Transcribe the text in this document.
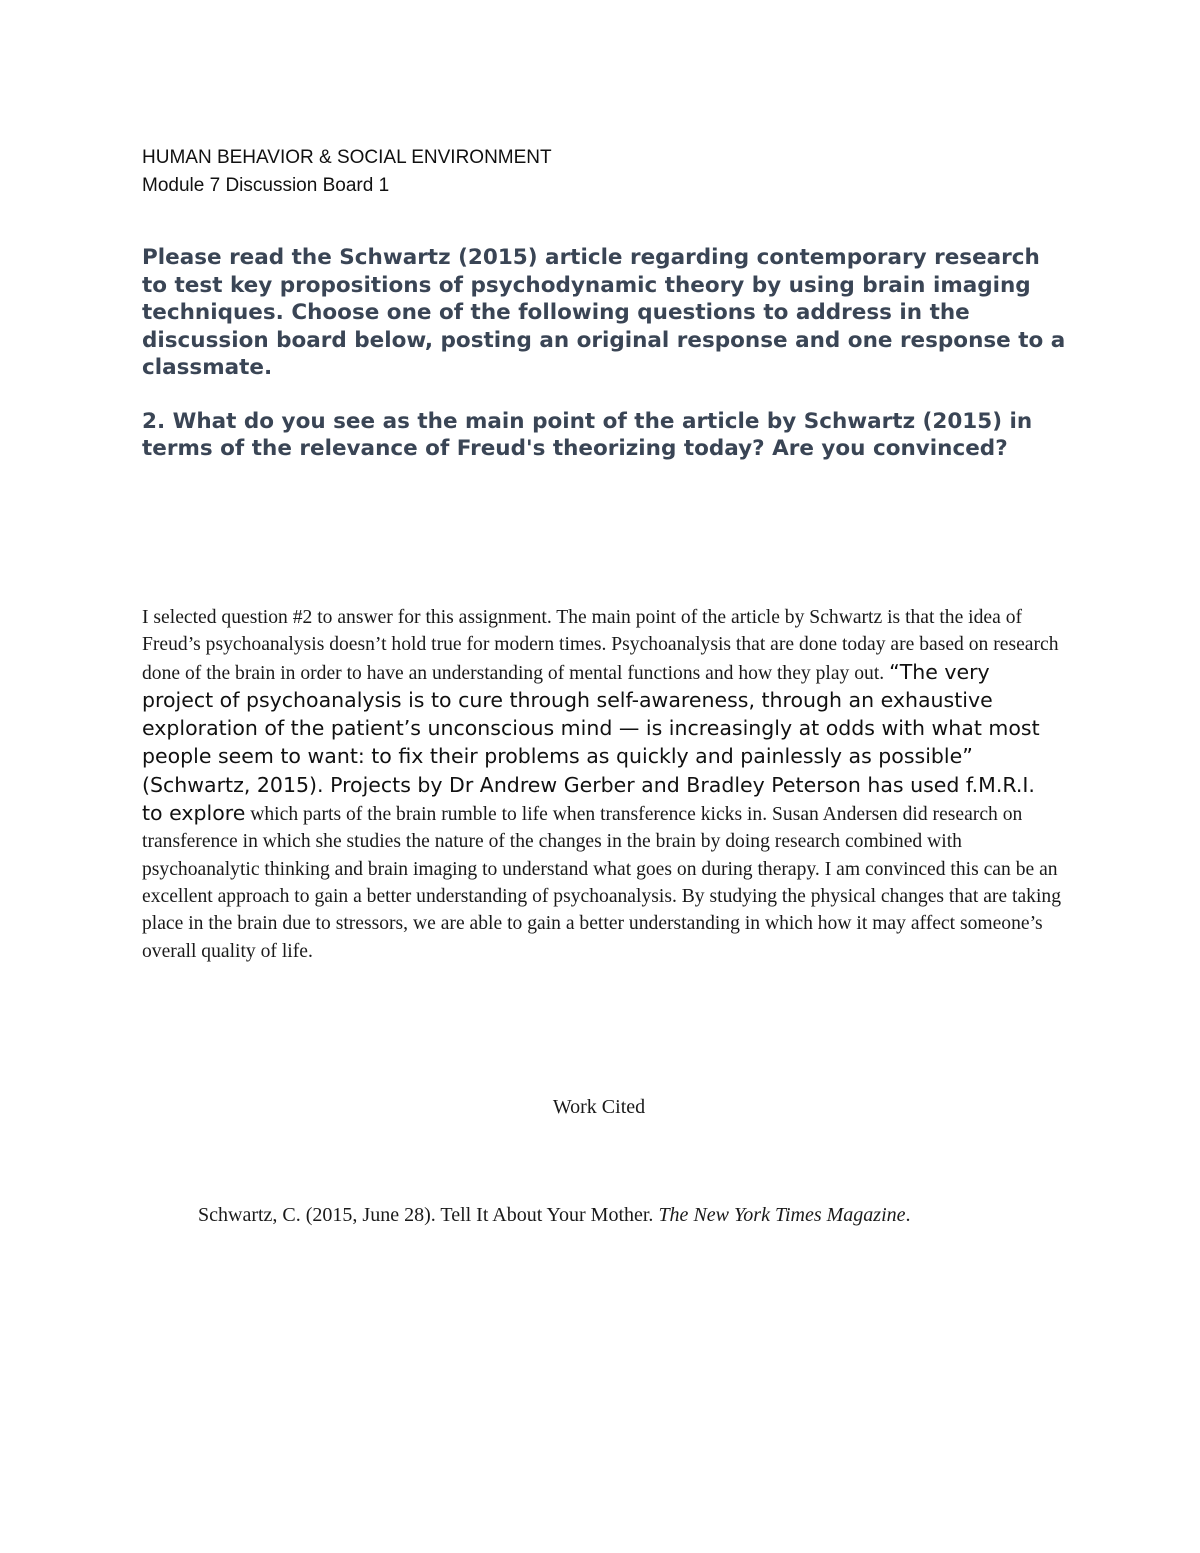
HUMAN BEHAVIOR & SOCIAL ENVIRONMENT
Module 7 Discussion Board 1

Please read the Schwartz (2015) article regarding contemporary research to test key propositions of psychodynamic theory by using brain imaging techniques. Choose one of the following questions to address in the discussion board below, posting an original response and one response to a classmate.

2. What do you see as the main point of the article by Schwartz (2015) in terms of the relevance of Freud's theorizing today? Are you convinced?

I selected question #2 to answer for this assignment. The main point of the article by Schwartz is that the idea of Freud’s psychoanalysis doesn’t hold true for modern times. Psychoanalysis that are done today are based on research done of the brain in order to have an understanding of mental functions and how they play out. “The very project of psychoanalysis is to cure through self-awareness, through an exhaustive exploration of the patient’s unconscious mind — is increasingly at odds with what most people seem to want: to fix their problems as quickly and painlessly as possible” (Schwartz, 2015). Projects by Dr Andrew Gerber and Bradley Peterson has used f.M.R.I. to explore which parts of the brain rumble to life when transference kicks in. Susan Andersen did research on transference in which she studies the nature of the changes in the brain by doing research combined with psychoanalytic thinking and brain imaging to understand what goes on during therapy. I am convinced this can be an excellent approach to gain a better understanding of psychoanalysis. By studying the physical changes that are taking place in the brain due to stressors, we are able to gain a better understanding in which how it may affect someone’s overall quality of life.

Work Cited
Schwartz, C. (2015, June 28). Tell It About Your Mother. The New York Times Magazine.
